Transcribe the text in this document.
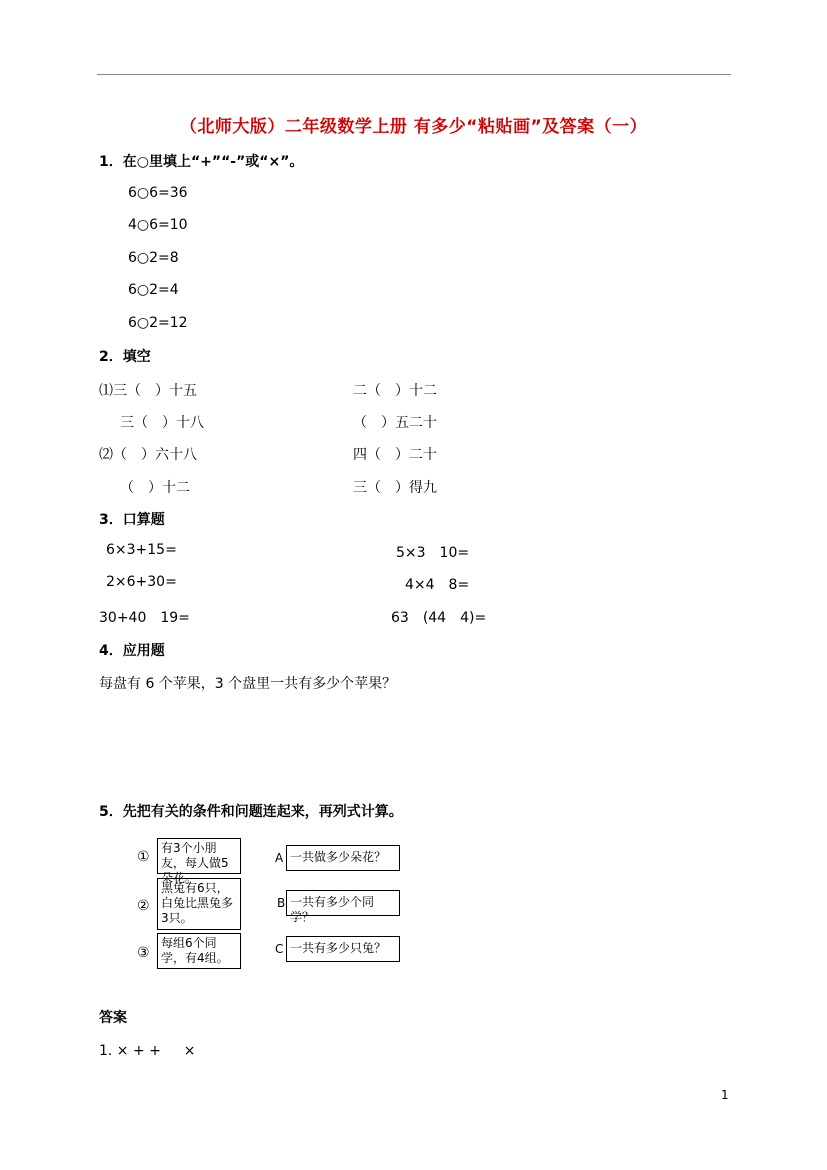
（北师大版）二年级数学上册 有多少“粘贴画”及答案（一）
1．在○里填上“+”“-”或“×”。
6○6=36
4○6=10
6○2=8
6○2=4
6○2=12
2．填空
⑴三（　）十五	二（　）十二
三（　）十八	（　）五二十
⑵（　）六十八	四（　）二十
（　）十二	三（　）得九
3．口算题
6×3+15=	5×3　10=
2×6+30=	4×4　8=
30+40　19=	63　(44　4)=
4．应用题
每盘有 6 个苹果，3 个盘里一共有多少个苹果？
5．先把有关的条件和问题连起来，再列式计算。
①
有3个小朋友，每人做5朵花。
②
黑兔有6只，白兔比黑兔多3只。
③
每组6个同学，有4组。
A 一共做多少朵花？
B 一共有多少个同学？
C 一共有多少只兔？
答案
1. × + + 　 ×
1
